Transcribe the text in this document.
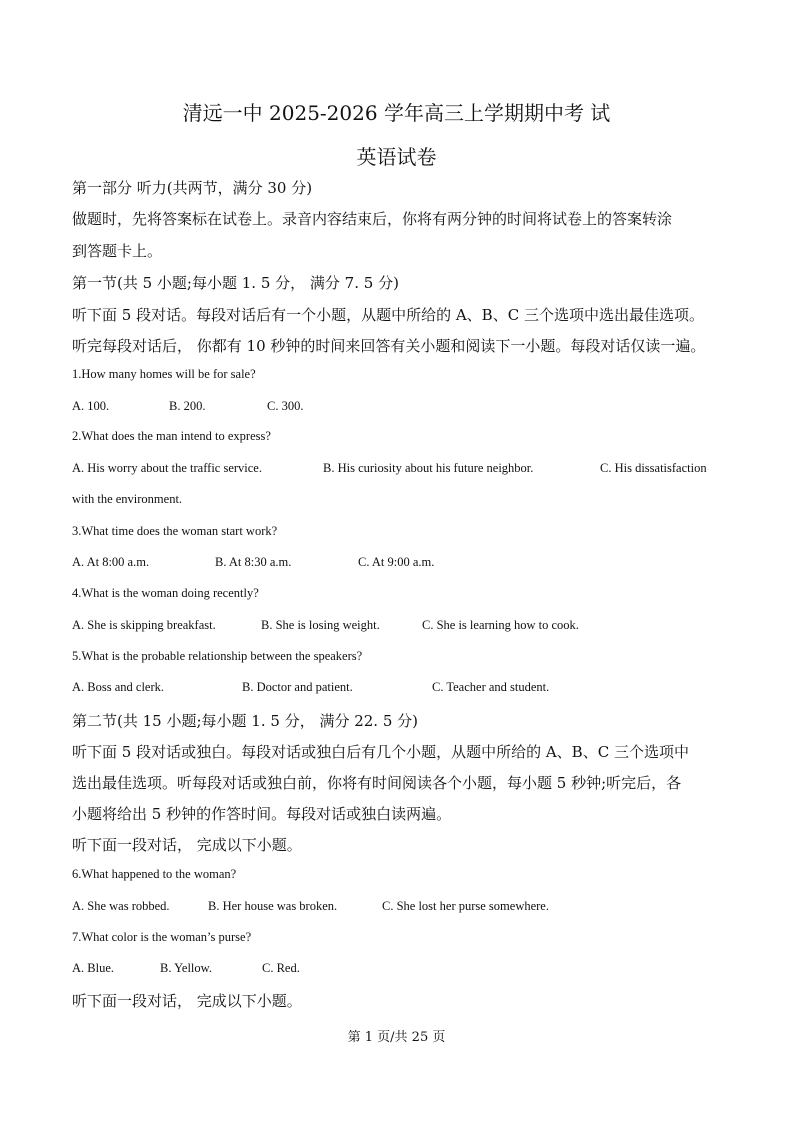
清远一中 2025-2026 学年高三上学期期中考 试
英语试卷
第一部分 听力(共两节，满分 30 分)
做题时，先将答案标在试卷上。录音内容结束后，你将有两分钟的时间将试卷上的答案转涂
到答题卡上。
第一节(共 5 小题;每小题 1. 5 分， 满分 7. 5 分)
听下面 5 段对话。每段对话后有一个小题，从题中所给的 A、B、C 三个选项中选出最佳选项。
听完每段对话后， 你都有 10 秒钟的时间来回答有关小题和阅读下一小题。每段对话仅读一遍。
1.How many homes will be for sale?
A. 100.	B. 200.	C. 300.
2.What does the man intend to express?
A. His worry about the traffic service.	B. His curiosity about his future neighbor.	C. His dissatisfaction
with the environment.
3.What time does the woman start work?
A. At 8:00 a.m.	B. At 8:30 a.m.	C. At 9:00 a.m.
4.What is the woman doing recently?
A. She is skipping breakfast.	B. She is losing weight.	C. She is learning how to cook.
5.What is the probable relationship between the speakers?
A. Boss and clerk.	B. Doctor and patient.	C. Teacher and student.
第二节(共 15 小题;每小题 1. 5 分， 满分 22. 5 分)
听下面 5 段对话或独白。每段对话或独白后有几个小题，从题中所给的 A、B、C 三个选项中
选出最佳选项。听每段对话或独白前，你将有时间阅读各个小题，每小题 5 秒钟;听完后，各
小题将给出 5 秒钟的作答时间。每段对话或独白读两遍。
听下面一段对话， 完成以下小题。
6.What happened to the woman?
A. She was robbed.	B. Her house was broken.	C. She lost her purse somewhere.
7.What color is the woman’s purse?
A. Blue.	B. Yellow.	C. Red.
听下面一段对话， 完成以下小题。
第 1 页/共 25 页
